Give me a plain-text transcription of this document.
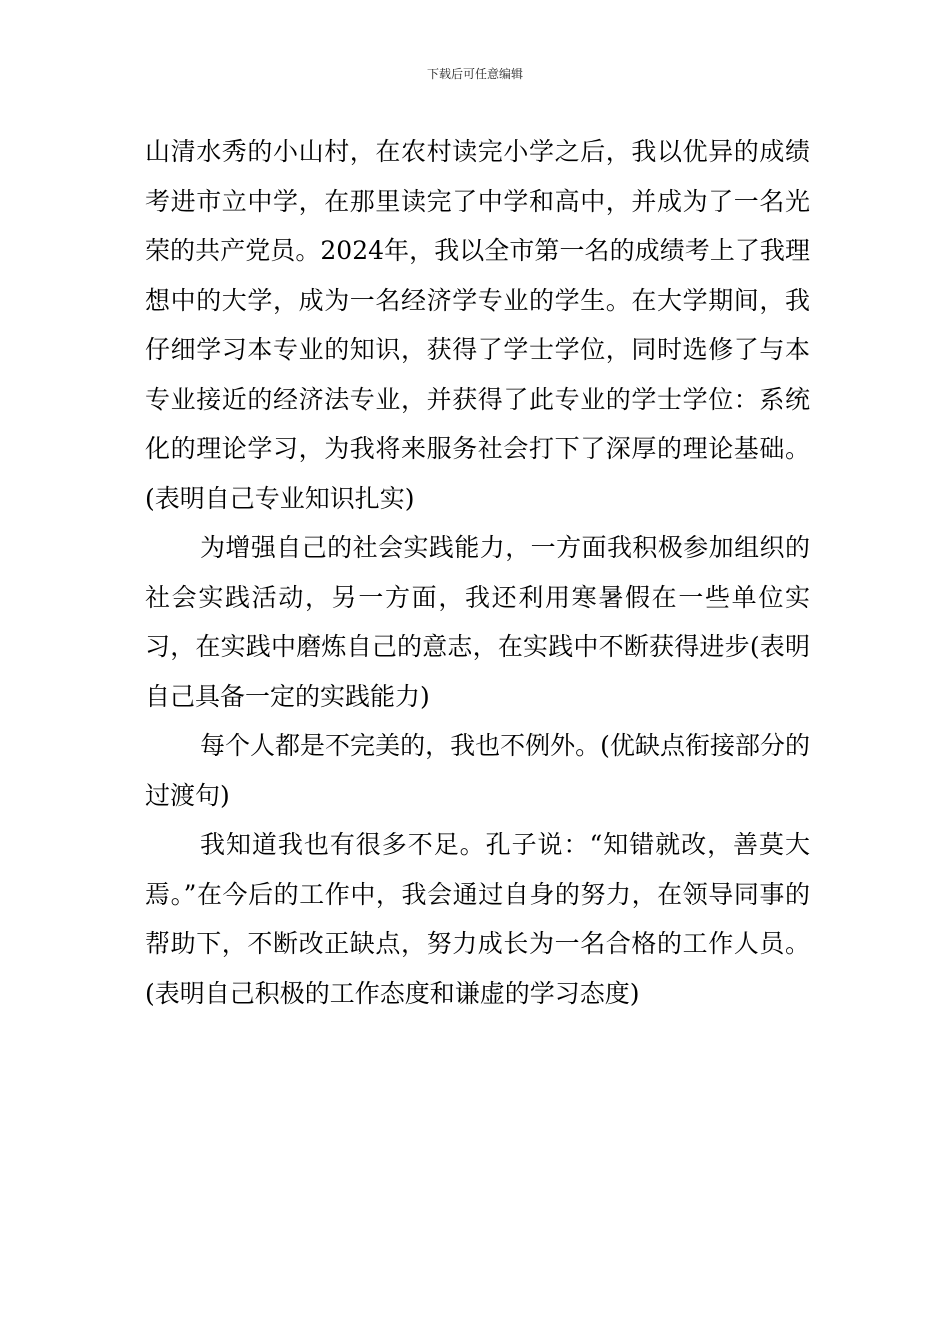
下载后可任意编辑

山清水秀的小山村，在农村读完小学之后，我以优异的成绩考进市立中学，在那里读完了中学和高中，并成为了一名光荣的共产党员。2024年，我以全市第一名的成绩考上了我理想中的大学，成为一名经济学专业的学生。在大学期间，我仔细学习本专业的知识，获得了学士学位，同时选修了与本专业接近的经济法专业，并获得了此专业的学士学位：系统化的理论学习，为我将来服务社会打下了深厚的理论基础。(表明自己专业知识扎实)

为增强自己的社会实践能力，一方面我积极参加组织的社会实践活动，另一方面，我还利用寒暑假在一些单位实习，在实践中磨炼自己的意志，在实践中不断获得进步(表明自己具备一定的实践能力)

每个人都是不完美的，我也不例外。(优缺点衔接部分的过渡句)

我知道我也有很多不足。孔子说：“知错就改，善莫大焉。”在今后的工作中，我会通过自身的努力，在领导同事的帮助下，不断改正缺点，努力成长为一名合格的工作人员。(表明自己积极的工作态度和谦虚的学习态度)
